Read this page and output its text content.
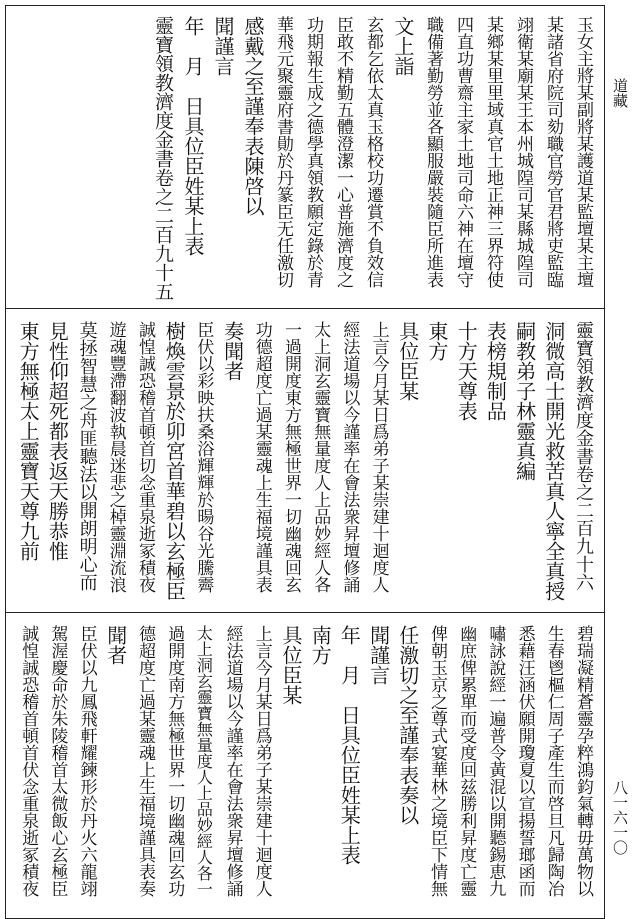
道藏
八一六一〇
玉女主將某副將某護道某監壇某主壇
某諸省府院司劾職官勞官君將吏監臨
翊衛某廟某王本州城隍司某縣城隍司
某鄉某里里域真官土地正神三界符使
四直功曹齋主家土地司命六神在壇守
職備著勤勞並各顯服嚴裝隨臣所進表
文上詣
玄都乞依太真玉格校功遷賞不負效信
臣敢不精勤五體澄潔一心普施濟度之
功期報生成之德學真領教願定錄於青
華飛元聚靈府書勛於丹篆臣无任激切
感戴之至謹奉表陳啓以
聞謹言
年　月　日具位臣姓某上表
靈寶領教濟度金書卷之二百九十五
靈寶領教濟度金書卷之二百九十六
洞微高士開光救苦真人寧全真授
嗣教弟子林靈真編
表榜規制品
十方天尊表
東方
具位臣某
上言今月某日爲弟子某崇建十迴度人
經法道場以今謹率在會法衆昇壇修誦
太上洞玄靈寶無量度人上品妙經人各
一過開度東方無極世界一切幽魂回玄
功德超度亡過某靈魂上生福境謹具表
奏聞者
臣伏以彩映扶桑浴輝輝於暘谷光騰霽
樹煥雲景於卯宮首華碧以玄極臣
誠惶誠恐稽首頓首切念重泉逝冢積夜
遊魂豐滯翻波執晨迷悲之棹靈淵流浪
莫拯智慧之舟匪聽法以開朗明心而
見性仰超死都表返天勝恭惟
東方無極太上靈寶天尊九前
碧瑞凝精蒼靈孕粹鴻鈞氣轉毋萬物以
生春鬯樞仁周子產生而啓旦凡歸陶冶
悉藉汪涵伏願開瓊夏以宣揚誓瑯函而
嘯詠說經一遍普令黃混以開聽錫恵九
幽庶俾累單而受度回兹勝利昇度亡靈
俾朝玉京之尊式宴華林之境臣下情無
任激切之至謹奉表奏以
聞謹言
年　月　日具位臣姓某上表
南方
具位臣某
上言今月某日爲弟子某崇建十迴度人
經法道場以今謹率在會法衆昇壇修誦
太上洞玄靈寶無量度人上品妙經人各一
過開度南方無極世界一切幽魂回玄功
德超度亡過某靈魂上生福境謹具表奏
聞者
臣伏以九鳳飛軒耀鍊形於丹火六龍翊
駕渥慶命於朱陵稽首太微飯心玄極臣
誠惶誠恐稽首頓首伏念重泉逝冢積夜
